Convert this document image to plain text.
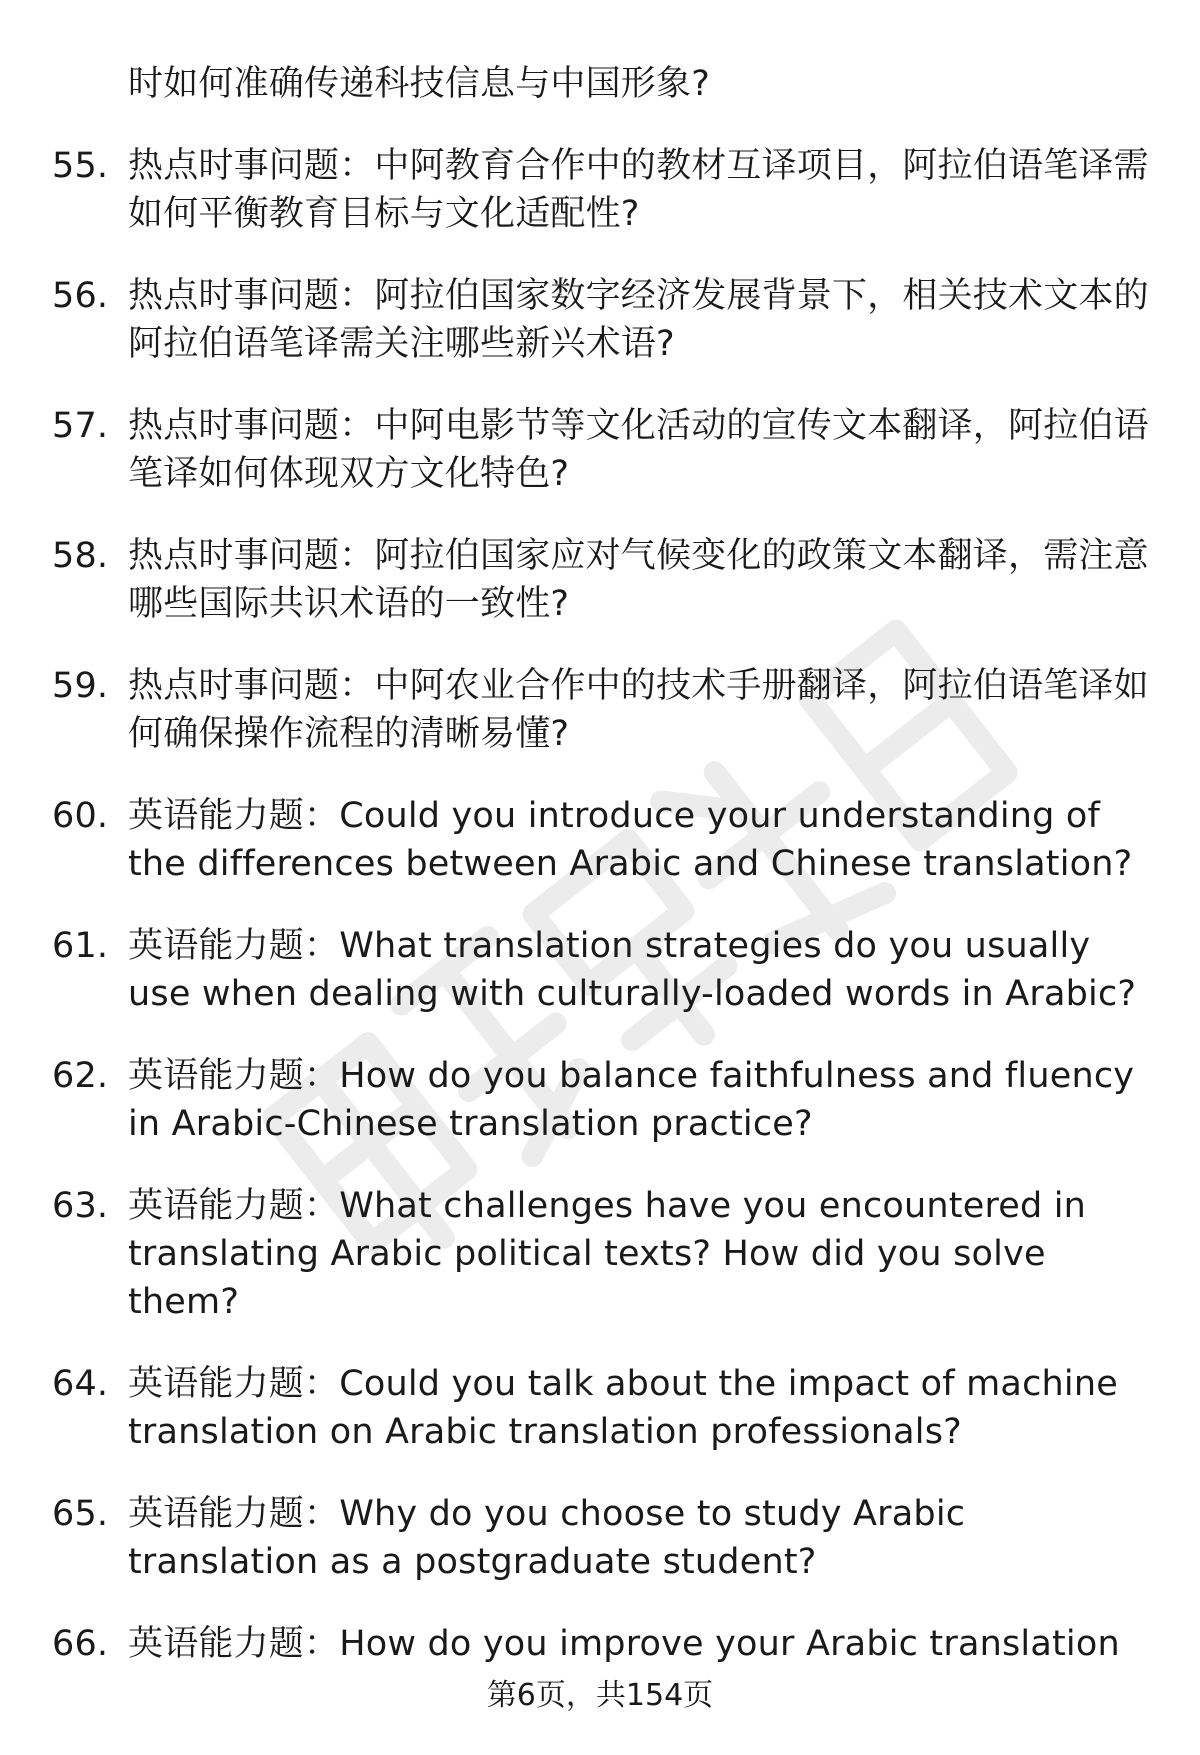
时如何准确传递科技信息与中国形象?
55. 热点时事问题：中阿教育合作中的教材互译项目，阿拉伯语笔译需如何平衡教育目标与文化适配性?
56. 热点时事问题：阿拉伯国家数字经济发展背景下，相关技术文本的阿拉伯语笔译需关注哪些新兴术语?
57. 热点时事问题：中阿电影节等文化活动的宣传文本翻译，阿拉伯语笔译如何体现双方文化特色?
58. 热点时事问题：阿拉伯国家应对气候变化的政策文本翻译，需注意哪些国际共识术语的一致性?
59. 热点时事问题：中阿农业合作中的技术手册翻译，阿拉伯语笔译如何确保操作流程的清晰易懂?
60. 英语能力题：Could you introduce your understanding of the differences between Arabic and Chinese translation?
61. 英语能力题：What translation strategies do you usually use when dealing with culturally-loaded words in Arabic?
62. 英语能力题：How do you balance faithfulness and fluency in Arabic-Chinese translation practice?
63. 英语能力题：What challenges have you encountered in translating Arabic political texts? How did you solve them?
64. 英语能力题：Could you talk about the impact of machine translation on Arabic translation professionals?
65. 英语能力题：Why do you choose to study Arabic translation as a postgraduate student?
66. 英语能力题：How do you improve your Arabic translation
第6页，共154页
